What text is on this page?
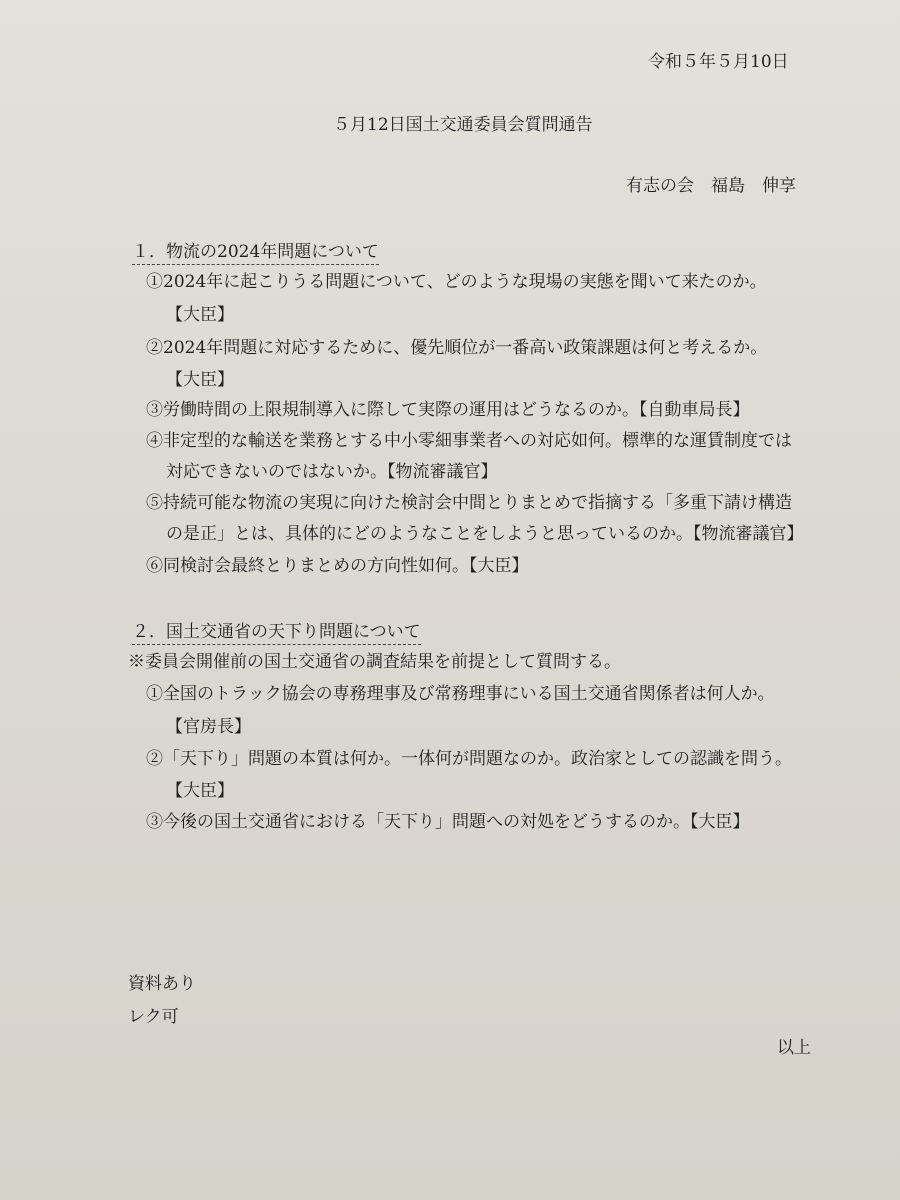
令和５年５月10日
５月12日国土交通委員会質問通告
有志の会　福島　伸享
１．物流の2024年問題について
①2024年に起こりうる問題について、どのような現場の実態を聞いて来たのか。
【大臣】
②2024年問題に対応するために、優先順位が一番高い政策課題は何と考えるか。
【大臣】
③労働時間の上限規制導入に際して実際の運用はどうなるのか。【自動車局長】
④非定型的な輸送を業務とする中小零細事業者への対応如何。標準的な運賃制度では
対応できないのではないか。【物流審議官】
⑤持続可能な物流の実現に向けた検討会中間とりまとめで指摘する「多重下請け構造
の是正」とは、具体的にどのようなことをしようと思っているのか。【物流審議官】
⑥同検討会最終とりまとめの方向性如何。【大臣】
２．国土交通省の天下り問題について
※委員会開催前の国土交通省の調査結果を前提として質問する。
①全国のトラック協会の専務理事及び常務理事にいる国土交通省関係者は何人か。
【官房長】
②「天下り」問題の本質は何か。一体何が問題なのか。政治家としての認識を問う。
【大臣】
③今後の国土交通省における「天下り」問題への対処をどうするのか。【大臣】
資料あり
レク可
以上
